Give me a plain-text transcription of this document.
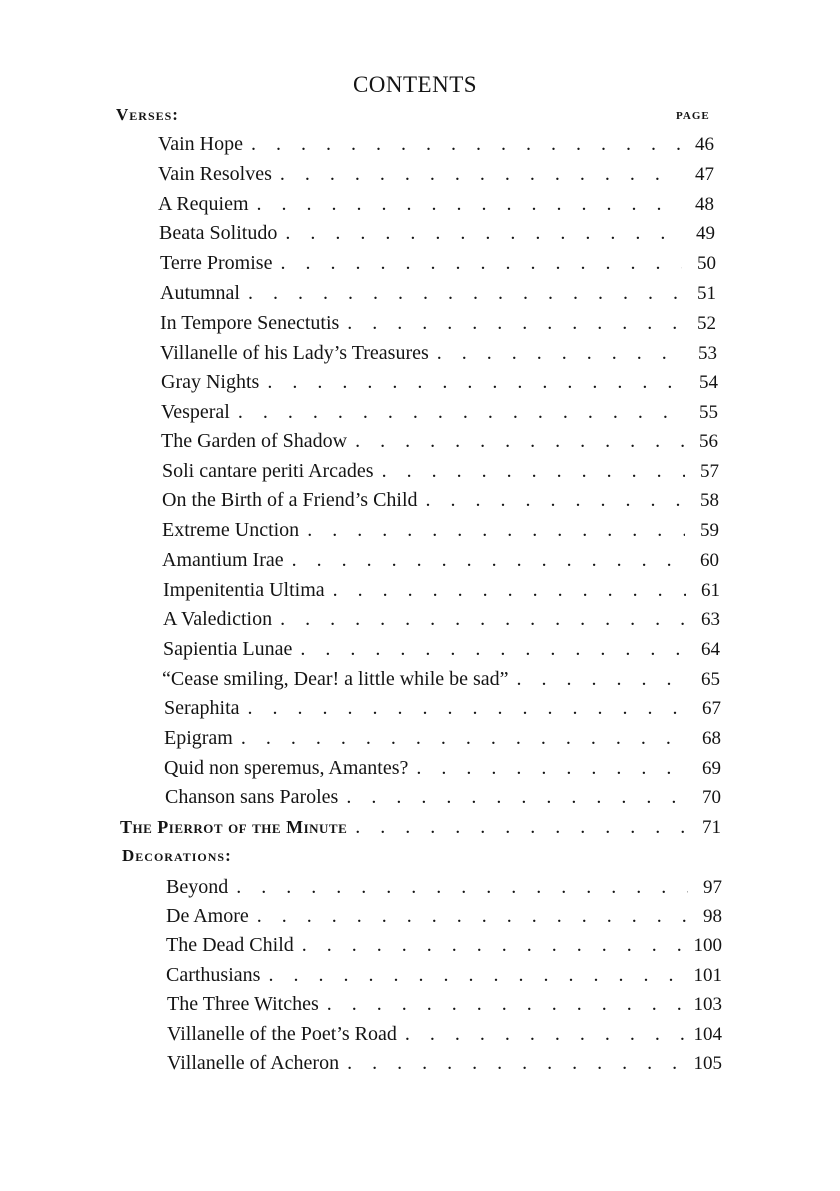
CONTENTS
Verses:	PAGE
Vain Hope .	46
Vain Resolves .	47
A Requiem .	48
Beata Solitudo .	49
Terre Promise .	50
Autumnal .	51
In Tempore Senectutis .	52
Villanelle of his Lady’s Treasures .	53
Gray Nights .	54
Vesperal .	55
The Garden of Shadow .	56
Soli cantare periti Arcades .	57
On the Birth of a Friend’s Child .	58
Extreme Unction .	59
Amantium Irae .	60
Impenitentia Ultima .	61
A Valediction .	63
Sapientia Lunae .	64
“Cease smiling, Dear! a little while be sad” .	65
Seraphita .	67
Epigram .	68
Quid non speremus, Amantes? .	69
Chanson sans Paroles .	70
The Pierrot of the Minute .	71
Decorations:
Beyond .	97
De Amore .	98
The Dead Child .	100
Carthusians .	101
The Three Witches .	103
Villanelle of the Poet’s Road .	104
Villanelle of Acheron .	105
